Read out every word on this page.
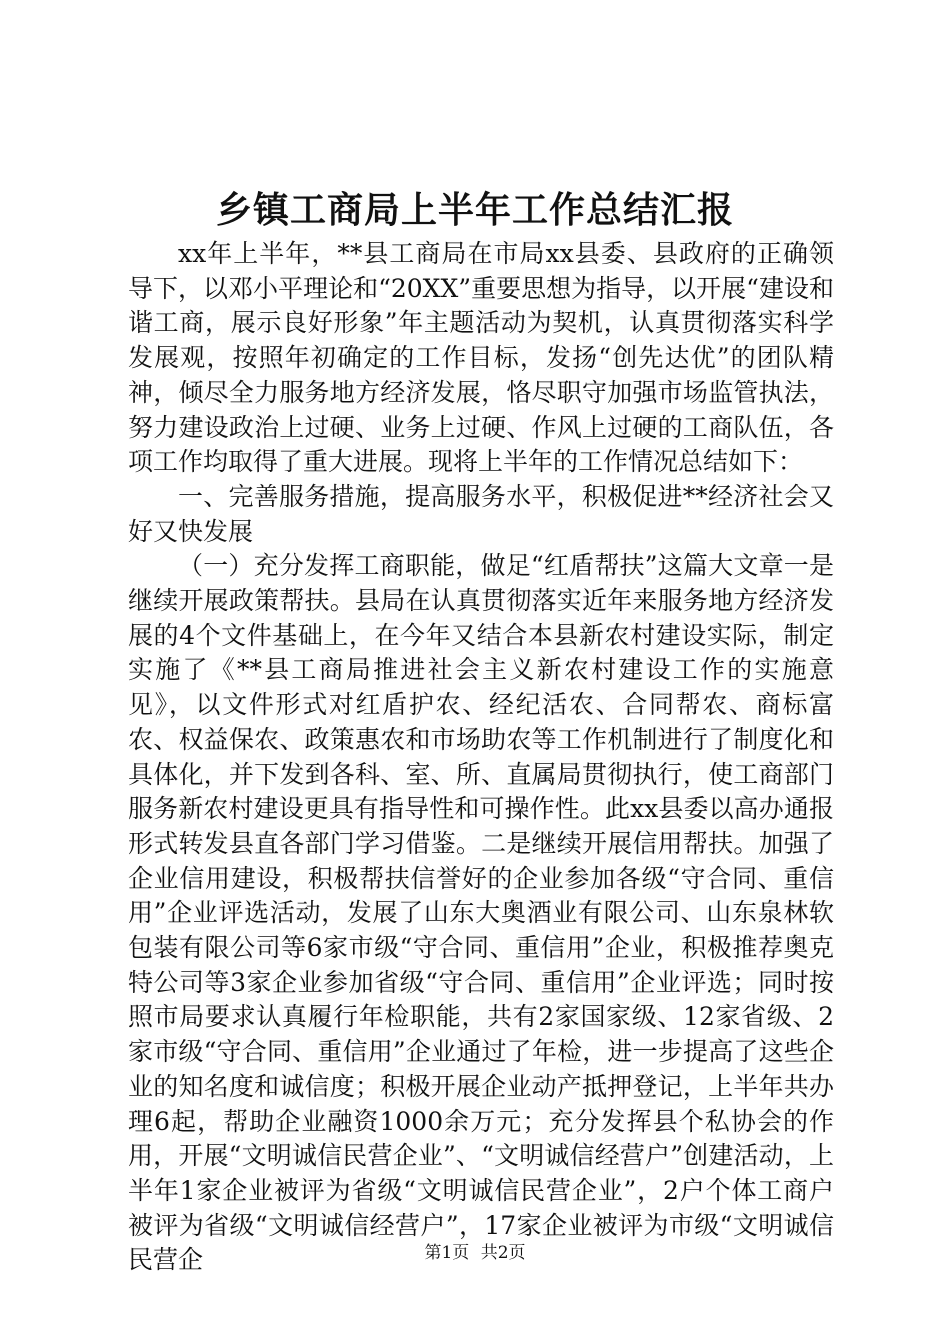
乡镇工商局上半年工作总结汇报

xx年上半年，**县工商局在市局xx县委、县政府的正确领导下，以邓小平理论和“20XX”重要思想为指导，以开展“建设和谐工商，展示良好形象”年主题活动为契机，认真贯彻落实科学发展观，按照年初确定的工作目标，发扬“创先达优”的团队精神，倾尽全力服务地方经济发展，恪尽职守加强市场监管执法，努力建设政治上过硬、业务上过硬、作风上过硬的工商队伍，各项工作均取得了重大进展。现将上半年的工作情况总结如下：

一、完善服务措施，提高服务水平，积极促进**经济社会又好又快发展

（一）充分发挥工商职能，做足“红盾帮扶”这篇大文章一是继续开展政策帮扶。县局在认真贯彻落实近年来服务地方经济发展的4个文件基础上，在今年又结合本县新农村建设实际，制定实施了《**县工商局推进社会主义新农村建设工作的实施意见》，以文件形式对红盾护农、经纪活农、合同帮农、商标富农、权益保农、政策惠农和市场助农等工作机制进行了制度化和具体化，并下发到各科、室、所、直属局贯彻执行，使工商部门服务新农村建设更具有指导性和可操作性。此xx县委以高办通报形式转发县直各部门学习借鉴。二是继续开展信用帮扶。加强了企业信用建设，积极帮扶信誉好的企业参加各级“守合同、重信用”企业评选活动，发展了山东大奥酒业有限公司、山东泉林软包装有限公司等6家市级“守合同、重信用”企业，积极推荐奥克特公司等3家企业参加省级“守合同、重信用”企业评选；同时按照市局要求认真履行年检职能，共有2家国家级、12家省级、2家市级“守合同、重信用”企业通过了年检，进一步提高了这些企业的知名度和诚信度；积极开展企业动产抵押登记，上半年共办理6起，帮助企业融资1000余万元；充分发挥县个私协会的作用，开展“文明诚信民营企业”、“文明诚信经营户”创建活动，上半年1家企业被评为省级“文明诚信民营企业”，2户个体工商户被评为省级“文明诚信经营户”，17家企业被评为市级“文明诚信民营企	第1页 共2页
